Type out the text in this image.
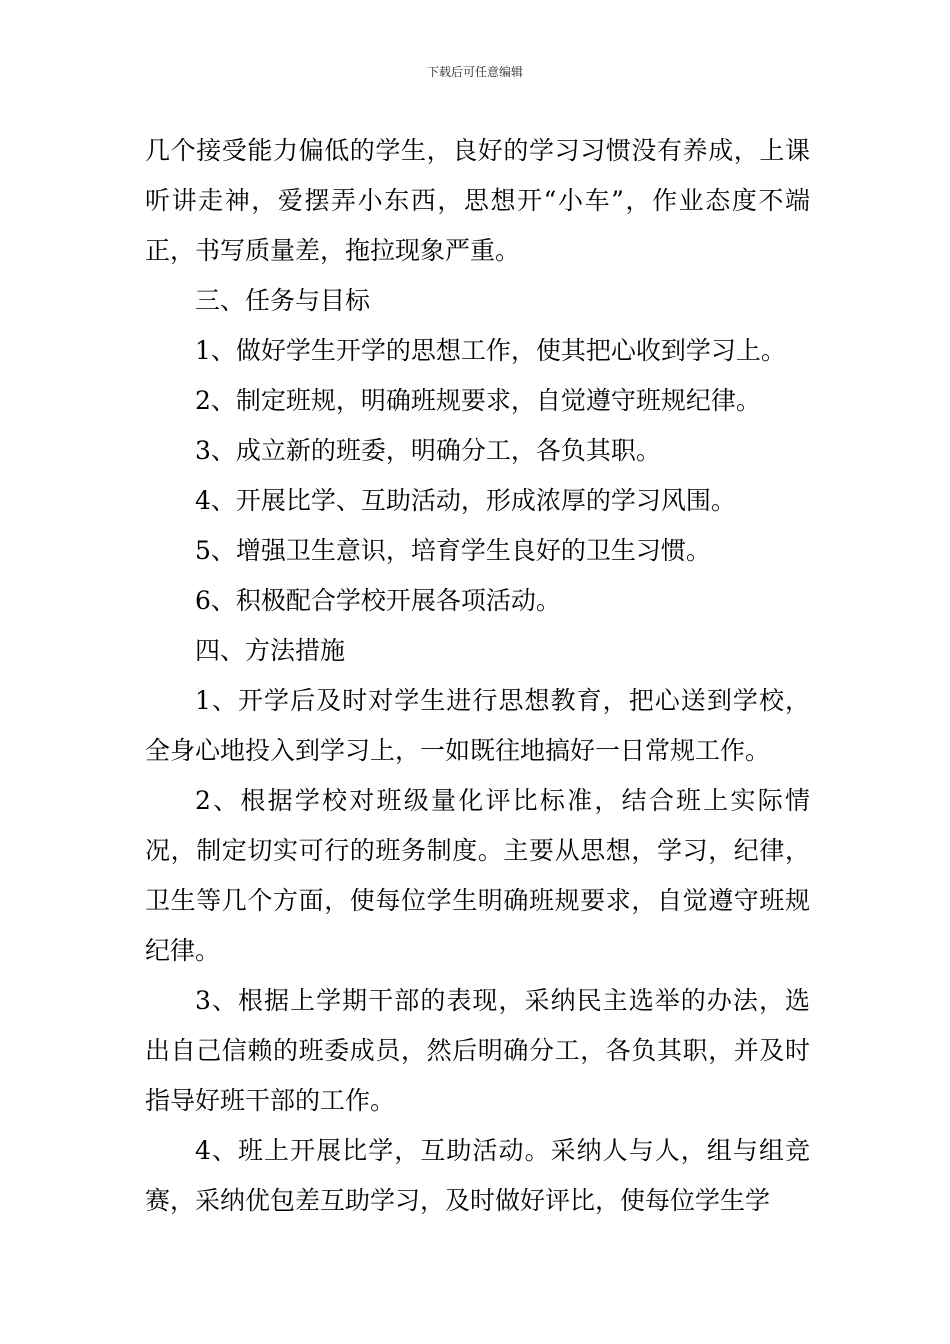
下载后可任意编辑

几个接受能力偏低的学生，良好的学习习惯没有养成，上课听讲走神，爱摆弄小东西，思想开“小车”，作业态度不端正，书写质量差，拖拉现象严重。

三、任务与目标

1、做好学生开学的思想工作，使其把心收到学习上。

2、制定班规，明确班规要求，自觉遵守班规纪律。

3、成立新的班委，明确分工，各负其职。

4、开展比学、互助活动，形成浓厚的学习风围。

5、增强卫生意识，培育学生良好的卫生习惯。

6、积极配合学校开展各项活动。

四、方法措施

1、开学后及时对学生进行思想教育，把心送到学校，全身心地投入到学习上，一如既往地搞好一日常规工作。

2、根据学校对班级量化评比标准，结合班上实际情况，制定切实可行的班务制度。主要从思想，学习，纪律，卫生等几个方面，使每位学生明确班规要求，自觉遵守班规纪律。

3、根据上学期干部的表现，采纳民主选举的办法，选出自己信赖的班委成员，然后明确分工，各负其职，并及时指导好班干部的工作。

4、班上开展比学，互助活动。采纳人与人，组与组竞赛，采纳优包差互助学习，及时做好评比，使每位学生学
